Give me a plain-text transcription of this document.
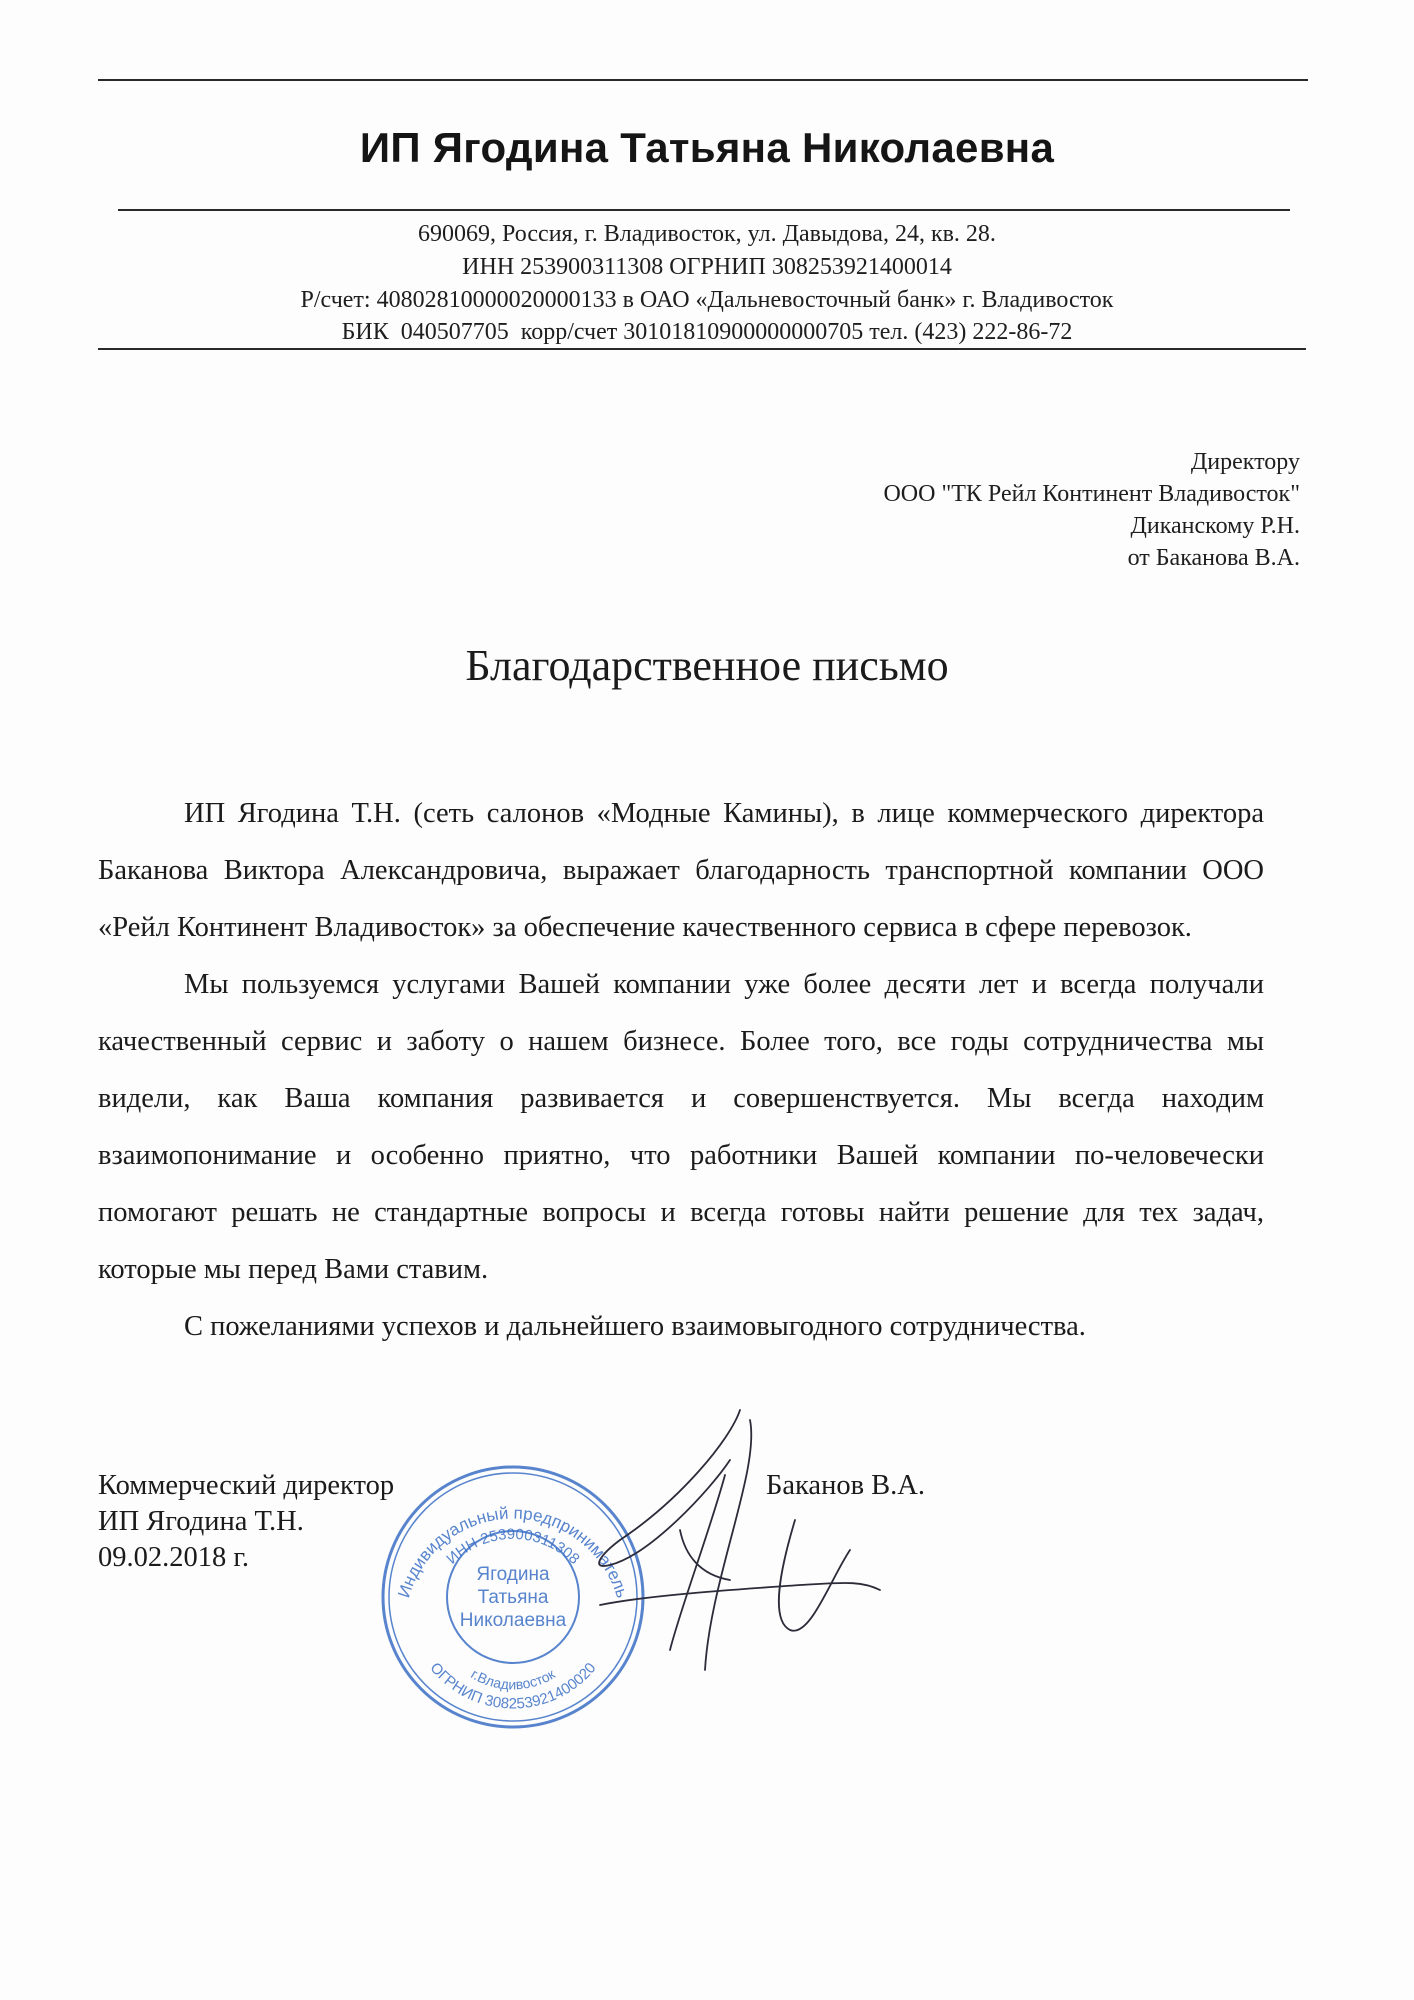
ИП Ягодина Татьяна Николаевна
690069, Россия, г. Владивосток, ул. Давыдова, 24, кв. 28.
ИНН 253900311308 ОГРНИП 308253921400014
Р/счет: 40802810000020000133 в ОАО «Дальневосточный банк» г. Владивосток
БИК  040507705  корр/счет 30101810900000000705 тел. (423) 222-86-72
Директору
ООО "ТК Рейл Континент Владивосток"
Диканскому Р.Н.
от Баканова В.А.
Благодарственное письмо

ИП Ягодина Т.Н. (сеть салонов «Модные Камины), в лице коммерческого директора Баканова Виктора Александровича, выражает благодарность транспортной компании ООО «Рейл Континент Владивосток» за обеспечение качественного сервиса в сфере перевозок.

Мы пользуемся услугами Вашей компании уже более десяти лет и всегда получали качественный сервис и заботу о нашем бизнесе. Более того, все годы сотрудничества мы видели, как Ваша компания развивается и совершенствуется. Мы всегда находим взаимопонимание и особенно приятно, что работники Вашей компании по-человечески помогают решать не стандартные вопросы и всегда готовы найти решение для тех задач, которые мы перед Вами ставим.

С пожеланиями успехов и дальнейшего взаимовыгодного сотрудничества.

Коммерческий директор
ИП Ягодина Т.Н.
09.02.2018 г.
Баканов В.А.
Индивидуальный предприниматель
ИНН 253900311308
ОГРНИП 308253921400020
г.Владивосток
Ягодина
Татьяна
Николаевна
